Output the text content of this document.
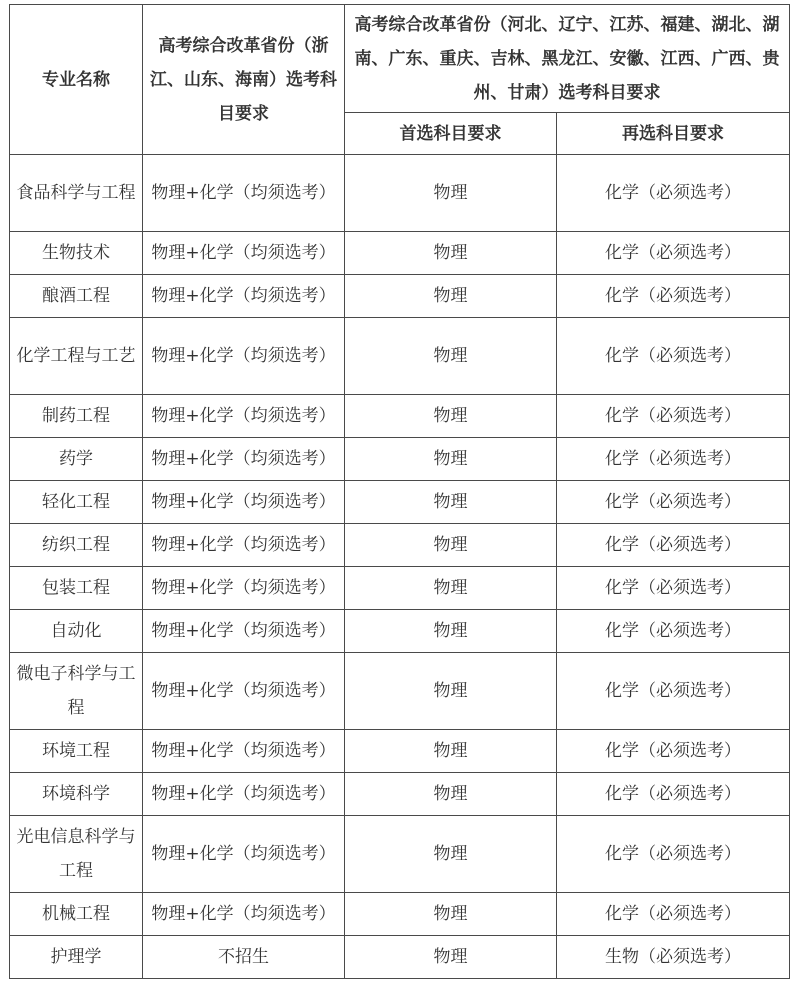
专业名称	高考综合改革省份（浙江、山东、海南）选考科目要求	高考综合改革省份（河北、辽宁、江苏、福建、湖北、湖南、广东、重庆、吉林、黑龙江、安徽、江西、广西、贵州、甘肃）选考科目要求	
		首选科目要求	再选科目要求
食品科学与工程	物理+化学（均须选考）	物理	化学（必须选考）
生物技术	物理+化学（均须选考）	物理	化学（必须选考）
酿酒工程	物理+化学（均须选考）	物理	化学（必须选考）
化学工程与工艺	物理+化学（均须选考）	物理	化学（必须选考）
制药工程	物理+化学（均须选考）	物理	化学（必须选考）
药学	物理+化学（均须选考）	物理	化学（必须选考）
轻化工程	物理+化学（均须选考）	物理	化学（必须选考）
纺织工程	物理+化学（均须选考）	物理	化学（必须选考）
包装工程	物理+化学（均须选考）	物理	化学（必须选考）
自动化	物理+化学（均须选考）	物理	化学（必须选考）
微电子科学与工程	物理+化学（均须选考）	物理	化学（必须选考）
环境工程	物理+化学（均须选考）	物理	化学（必须选考）
环境科学	物理+化学（均须选考）	物理	化学（必须选考）
光电信息科学与工程	物理+化学（均须选考）	物理	化学（必须选考）
机械工程	物理+化学（均须选考）	物理	化学（必须选考）
护理学	不招生	物理	生物（必须选考）
